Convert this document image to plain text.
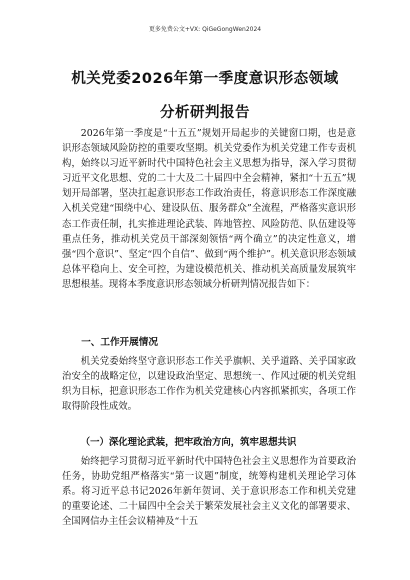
更多免费公文+VX: QiGeGongWen2024
机关党委2026年第一季度意识形态领域
分析研判报告

2026年第一季度是“十五五”规划开局起步的关键窗口期，也是意识形态领域风险防控的重要攻坚期。机关党委作为机关党建工作专责机构，始终以习近平新时代中国特色社会主义思想为指导，深入学习贯彻习近平文化思想、党的二十大及二十届四中全会精神，紧扣“十五五”规划开局部署，坚决扛起意识形态工作政治责任，将意识形态工作深度融入机关党建“围绕中心、建设队伍、服务群众”全流程，严格落实意识形态工作责任制，扎实推进理论武装、阵地管控、风险防范、队伍建设等重点任务，推动机关党员干部深刻领悟“两个确立”的决定性意义，增强“四个意识”、坚定“四个自信”、做到“两个维护”。机关意识形态领域总体平稳向上、安全可控，为建设模范机关、推动机关高质量发展筑牢思想根基。现将本季度意识形态领域分析研判情况报告如下：

一、工作开展情况

机关党委始终坚守意识形态工作关乎旗帜、关乎道路、关乎国家政治安全的战略定位，以建设政治坚定、思想统一、作风过硬的机关党组织为目标，把意识形态工作作为机关党建核心内容抓紧抓实，各项工作取得阶段性成效。

（一）深化理论武装，把牢政治方向，筑牢思想共识

始终把学习贯彻习近平新时代中国特色社会主义思想作为首要政治任务，协助党组严格落实“第一议题”制度，统筹构建机关理论学习体系。将习近平总书记2026年新年贺词、关于意识形态工作和机关党建的重要论述、二十届四中全会关于繁荣发展社会主义文化的部署要求、全国网信办主任会议精神及“十五
